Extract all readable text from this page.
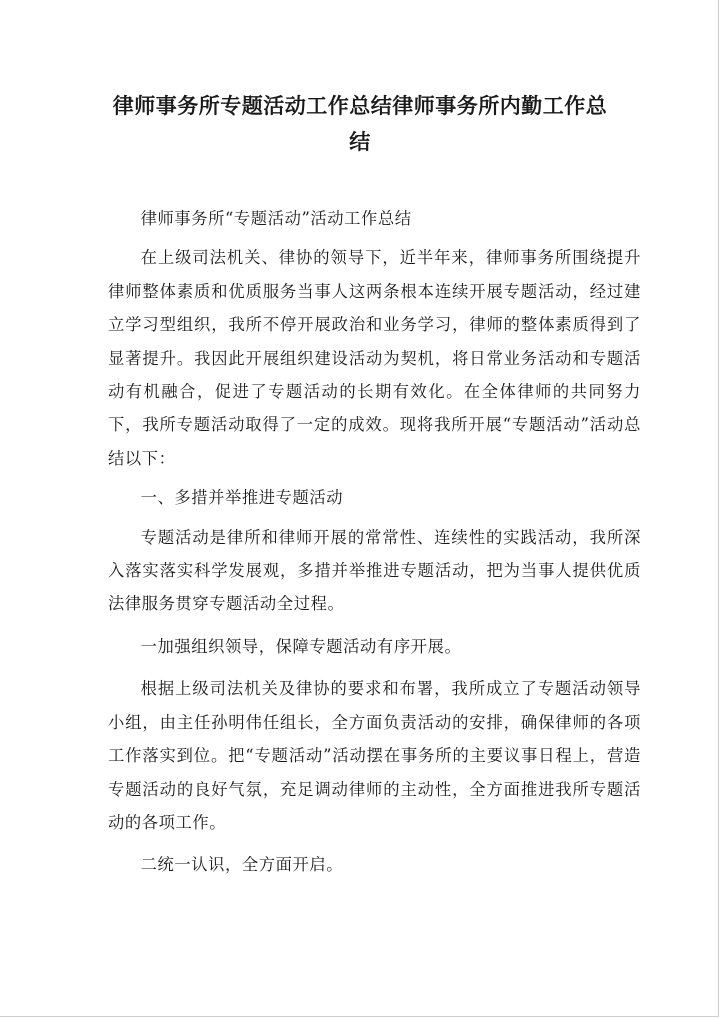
律师事务所专题活动工作总结律师事务所内勤工作总结

律师事务所“专题活动”活动工作总结

在上级司法机关、律协的领导下，近半年来，律师事务所围绕提升律师整体素质和优质服务当事人这两条根本连续开展专题活动，经过建立学习型组织，我所不停开展政治和业务学习，律师的整体素质得到了显著提升。我因此开展组织建设活动为契机，将日常业务活动和专题活动有机融合，促进了专题活动的长期有效化。在全体律师的共同努力下，我所专题活动取得了一定的成效。现将我所开展“专题活动”活动总结以下：

一、多措并举推进专题活动

专题活动是律所和律师开展的常常性、连续性的实践活动，我所深入落实落实科学发展观，多措并举推进专题活动，把为当事人提供优质法律服务贯穿专题活动全过程。

一加强组织领导，保障专题活动有序开展。

根据上级司法机关及律协的要求和布署，我所成立了专题活动领导小组，由主任孙明伟任组长，全方面负责活动的安排，确保律师的各项工作落实到位。把“专题活动”活动摆在事务所的主要议事日程上，营造专题活动的良好气氛，充足调动律师的主动性，全方面推进我所专题活动的各项工作。

二统一认识，全方面开启。
